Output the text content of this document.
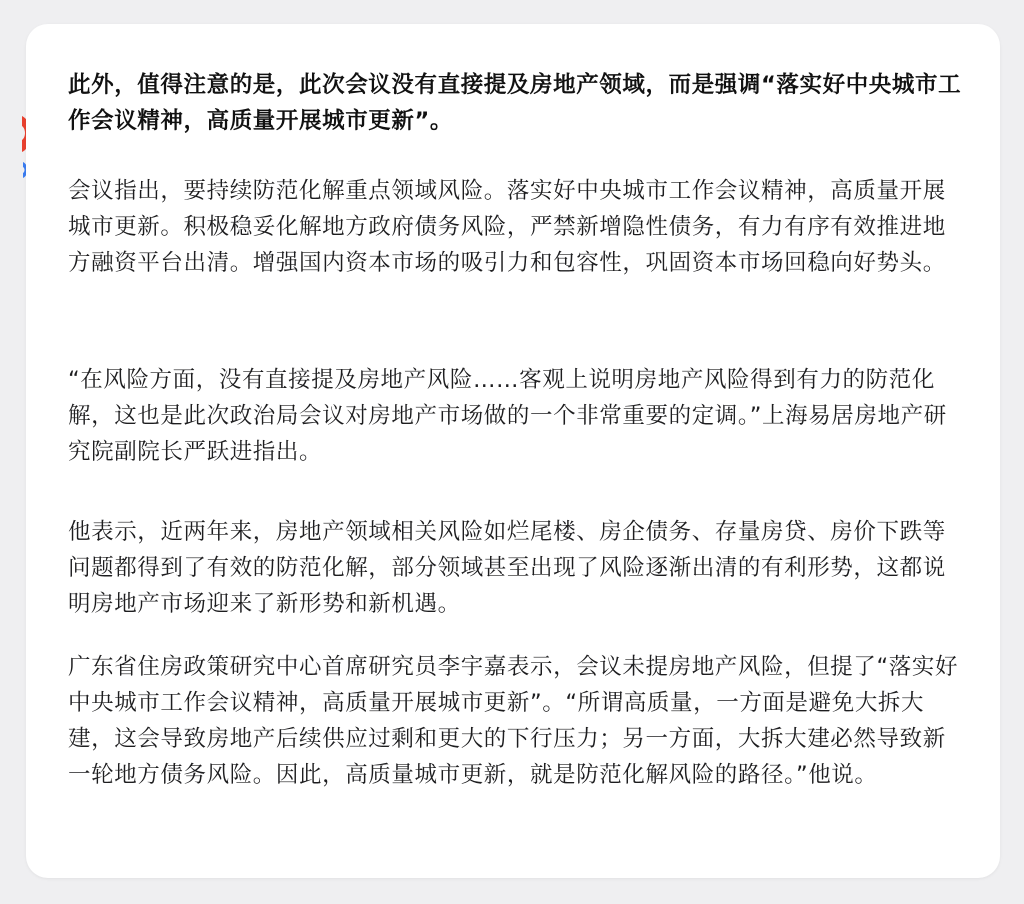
此外，值得注意的是，此次会议没有直接提及房地产领域，而是强调“落实好中央城市工作会议精神，高质量开展城市更新”。

会议指出，要持续防范化解重点领域风险。落实好中央城市工作会议精神，高质量开展城市更新。积极稳妥化解地方政府债务风险，严禁新增隐性债务，有力有序有效推进地方融资平台出清。增强国内资本市场的吸引力和包容性，巩固资本市场回稳向好势头。

“在风险方面，没有直接提及房地产风险……客观上说明房地产风险得到有力的防范化解，这也是此次政治局会议对房地产市场做的一个非常重要的定调。”上海易居房地产研究院副院长严跃进指出。

他表示，近两年来，房地产领域相关风险如烂尾楼、房企债务、存量房贷、房价下跌等问题都得到了有效的防范化解，部分领域甚至出现了风险逐渐出清的有利形势，这都说明房地产市场迎来了新形势和新机遇。

广东省住房政策研究中心首席研究员李宇嘉表示，会议未提房地产风险，但提了“落实好中央城市工作会议精神，高质量开展城市更新”。“所谓高质量，一方面是避免大拆大建，这会导致房地产后续供应过剩和更大的下行压力；另一方面，大拆大建必然导致新一轮地方债务风险。因此，高质量城市更新，就是防范化解风险的路径。”他说。
